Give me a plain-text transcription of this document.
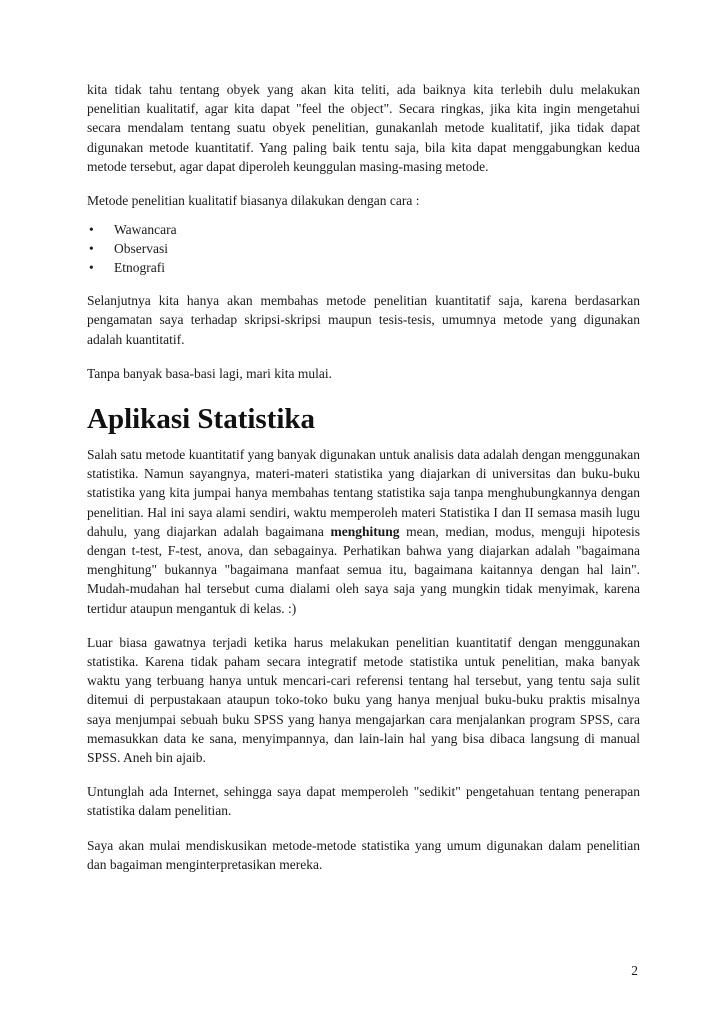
kita tidak tahu tentang obyek yang akan kita teliti, ada baiknya kita terlebih dulu melakukan penelitian kualitatif, agar kita dapat "feel the object". Secara ringkas, jika kita ingin mengetahui secara mendalam tentang suatu obyek penelitian, gunakanlah metode kualitatif, jika tidak dapat digunakan metode kuantitatif. Yang paling baik tentu saja, bila kita dapat menggabungkan kedua metode tersebut, agar dapat diperoleh keunggulan masing-masing metode.

Metode penelitian kualitatif biasanya dilakukan dengan cara :

• Wawancara
• Observasi
• Etnografi

Selanjutnya kita hanya akan membahas metode penelitian kuantitatif saja, karena berdasarkan pengamatan saya terhadap skripsi-skripsi maupun tesis-tesis, umumnya metode yang digunakan adalah kuantitatif.

Tanpa banyak basa-basi lagi, mari kita mulai.

Aplikasi Statistika

Salah satu metode kuantitatif yang banyak digunakan untuk analisis data adalah dengan menggunakan statistika. Namun sayangnya, materi-materi statistika yang diajarkan di universitas dan buku-buku statistika yang kita jumpai hanya membahas tentang statistika saja tanpa menghubungkannya dengan penelitian. Hal ini saya alami sendiri, waktu memperoleh materi Statistika I dan II semasa masih lugu dahulu, yang diajarkan adalah bagaimana menghitung mean, median, modus, menguji hipotesis dengan t-test, F-test, anova, dan sebagainya. Perhatikan bahwa yang diajarkan adalah "bagaimana menghitung" bukannya "bagaimana manfaat semua itu, bagaimana kaitannya dengan hal lain". Mudah-mudahan hal tersebut cuma dialami oleh saya saja yang mungkin tidak menyimak, karena tertidur ataupun mengantuk di kelas. :)

Luar biasa gawatnya terjadi ketika harus melakukan penelitian kuantitatif dengan menggunakan statistika. Karena tidak paham secara integratif metode statistika untuk penelitian, maka banyak waktu yang terbuang hanya untuk mencari-cari referensi tentang hal tersebut, yang tentu saja sulit ditemui di perpustakaan ataupun toko-toko buku yang hanya menjual buku-buku praktis misalnya saya menjumpai sebuah buku SPSS yang hanya mengajarkan cara menjalankan program SPSS, cara memasukkan data ke sana, menyimpannya, dan lain-lain hal yang bisa dibaca langsung di manual SPSS. Aneh bin ajaib.

Untunglah ada Internet, sehingga saya dapat memperoleh "sedikit" pengetahuan tentang penerapan statistika dalam penelitian.

Saya akan mulai mendiskusikan metode-metode statistika yang umum digunakan dalam penelitian dan bagaiman menginterpretasikan mereka.

2
